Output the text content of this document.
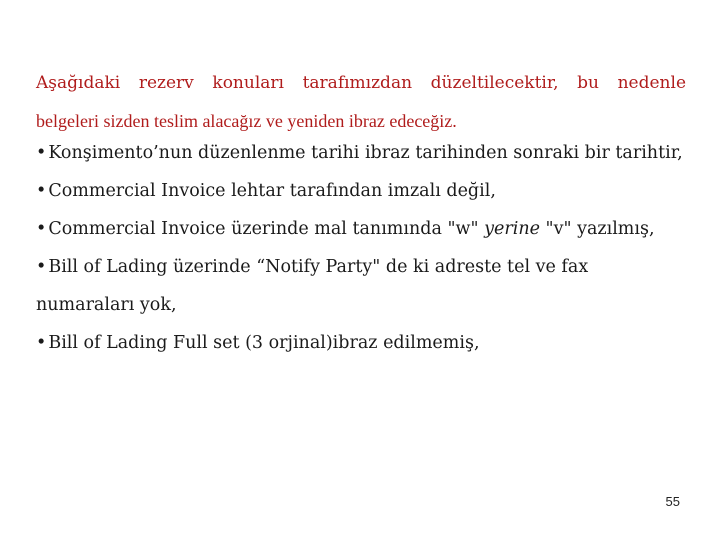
Aşağıdaki rezerv konuları tarafımızdan düzeltilecektir, bu nedenle
belgeleri sizden teslim alacağız ve yeniden ibraz edeceğiz.

• Konşimento’nun düzenlenme tarihi ibraz tarihinden sonraki bir tarihtir,
• Commercial Invoice lehtar tarafından imzalı değil,
• Commercial Invoice üzerinde mal tanımında "w" yerine "v" yazılmış,
• Bill of Lading üzerinde “Notify Party" de ki adreste tel ve fax numaraları yok,
• Bill of Lading Full set (3 orjinal)ibraz edilmemiş,
55
